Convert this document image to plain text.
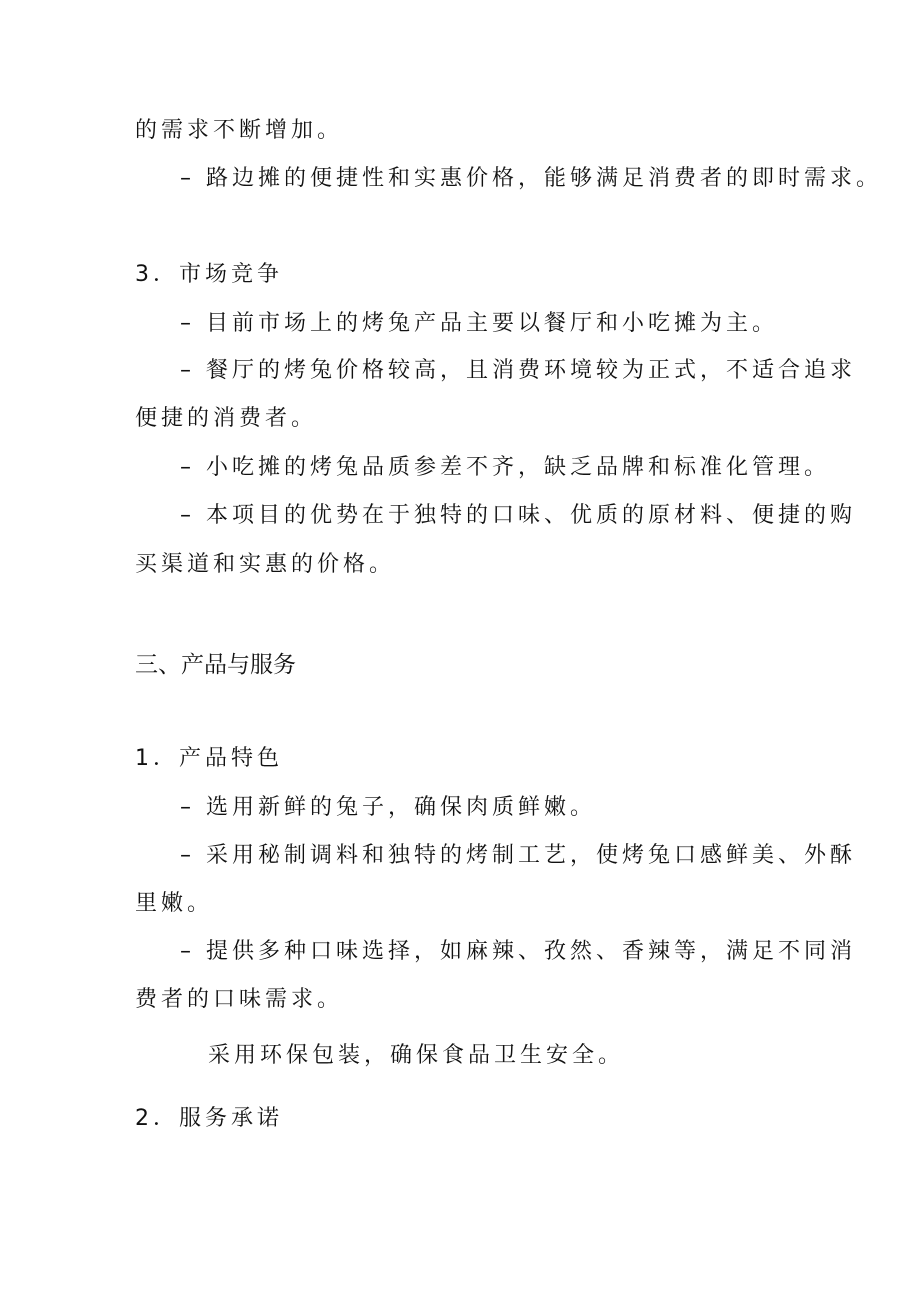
的需求不断增加。
– 路边摊的便捷性和实惠价格，能够满足消费者的即时需求。
3．市场竞争
– 目前市场上的烤兔产品主要以餐厅和小吃摊为主。
– 餐厅的烤兔价格较高，且消费环境较为正式，不适合追求
便捷的消费者。
– 小吃摊的烤兔品质参差不齐，缺乏品牌和标准化管理。
– 本项目的优势在于独特的口味、优质的原材料、便捷的购
买渠道和实惠的价格。
三、产品与服务
1．产品特色
– 选用新鲜的兔子，确保肉质鲜嫩。
– 采用秘制调料和独特的烤制工艺，使烤兔口感鲜美、外酥
里嫩。
– 提供多种口味选择，如麻辣、孜然、香辣等，满足不同消
费者的口味需求。
采用环保包装，确保食品卫生安全。
2．服务承诺
